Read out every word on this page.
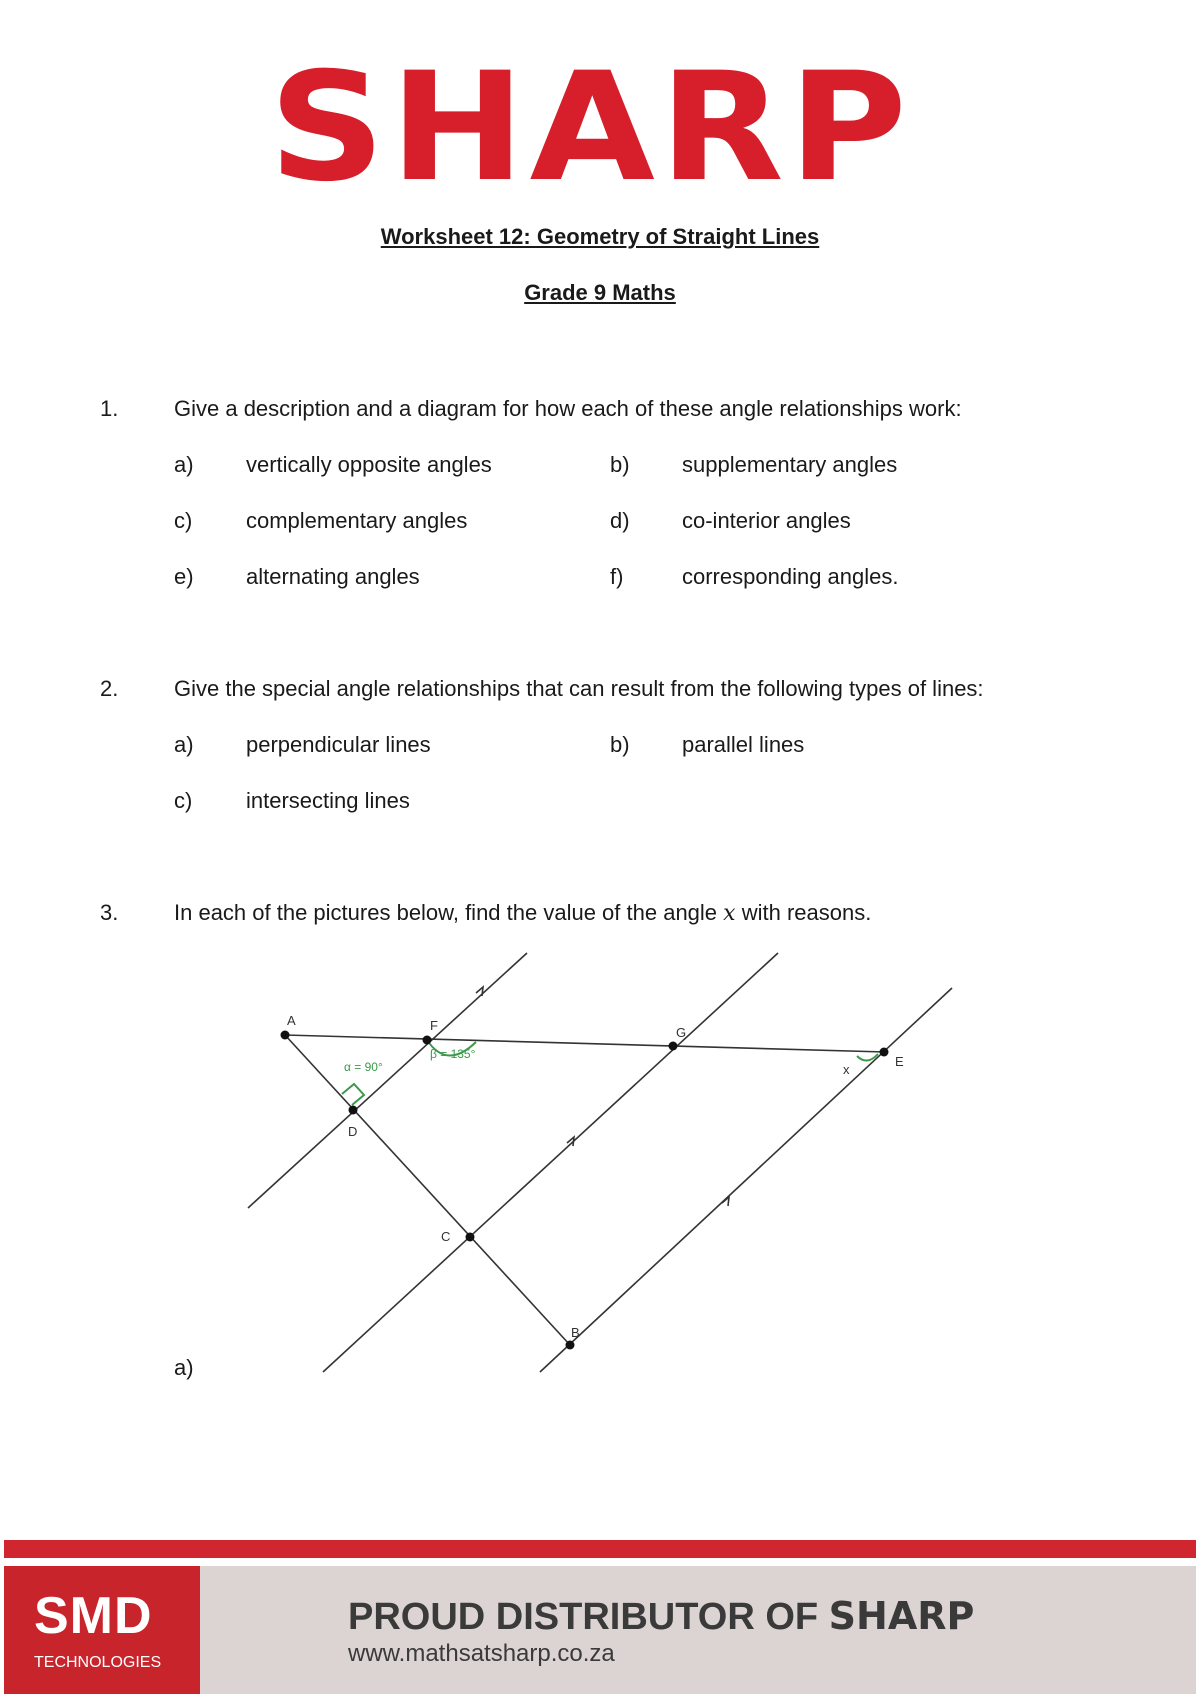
SHARP
Worksheet 12: Geometry of Straight Lines
Grade 9 Maths
1.	Give a description and a diagram for how each of these angle relationships work:
a) vertically opposite angles	b) supplementary angles
c) complementary angles	d) co-interior angles
e) alternating angles	f)	corresponding angles.
2.	Give the special angle relationships that can result from the following types of lines:
a) perpendicular lines	b) parallel lines
c) intersecting lines
3.	In each of the pictures below, find the value of the angle x with reasons.
A	F	G
E
D
C
B
α = 90°
β = 135°
x
a)
SMD
TECHNOLOGIES
PROUD DISTRIBUTOR OF SHARP
www.mathsatsharp.co.za
